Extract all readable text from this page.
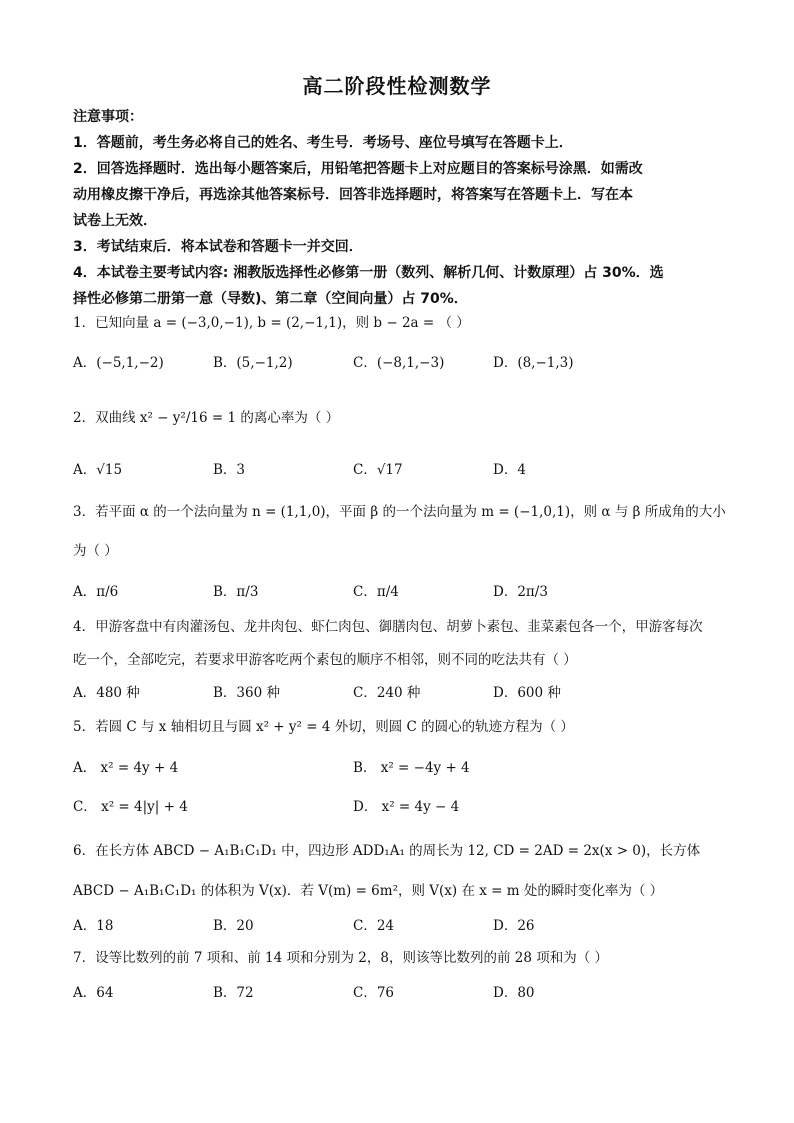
高二阶段性检测数学

注意事项：

1．答题前，考生务必将自己的姓名、考生号．考场号、座位号填写在答题卡上．

2．回答选择题时．选出每小题答案后，用铅笔把答题卡上对应题目的答案标号涂黑．如需改

动用橡皮擦干净后，再选涂其他答案标号．回答非选择题时，将答案写在答题卡上．写在本

试卷上无效．

3．考试结束后．将本试卷和答题卡一并交回．

4．本试卷主要考试内容: 湘教版选择性必修第一册（数列、解析几何、计数原理）占 30%．选

择性必修第二册第一意（导数)、第二章（空间向量）占 70%．

1．已知向量 a = (−3,0,−1), b = (2,−1,1)，则 b − 2a = （ ）
A．(−5,1,−2)	B．(5,−1,2)	C．(−8,1,−3)	D．(8,−1,3)
2．双曲线 x² − y²/16 = 1 的离心率为（ ）
A．√15	B．3	C．√17	D．4
3．若平面 α 的一个法向量为 n = (1,1,0)，平面 β 的一个法向量为 m = (−1,0,1)，则 α 与 β 所成角的大小
为（ ）
A．π/6	B．π/3	C．π/4	D．2π/3
4．甲游客盘中有肉灌汤包、龙井肉包、虾仁肉包、御膳肉包、胡萝卜素包、韭菜素包各一个，甲游客每次
吃一个，全部吃完，若要求甲游客吃两个素包的顺序不相邻，则不同的吃法共有（ ）
A．480 种	B．360 种	C．240 种	D．600 种
5．若圆 C 与 x 轴相切且与圆 x² + y² = 4 外切，则圆 C 的圆心的轨迹方程为（ ）
A． x² = 4y + 4	B． x² = −4y + 4
C． x² = 4|y| + 4	D． x² = 4y − 4
6．在长方体 ABCD − A₁B₁C₁D₁ 中，四边形 ADD₁A₁ 的周长为 12, CD = 2AD = 2x(x > 0)，长方体
ABCD − A₁B₁C₁D₁ 的体积为 V(x)．若 V(m) = 6m²，则 V(x) 在 x = m 处的瞬时变化率为（ ）
A．18	B．20	C．24	D．26
7．设等比数列的前 7 项和、前 14 项和分别为 2，8，则该等比数列的前 28 项和为（ ）
A．64	B．72	C．76	D．80
